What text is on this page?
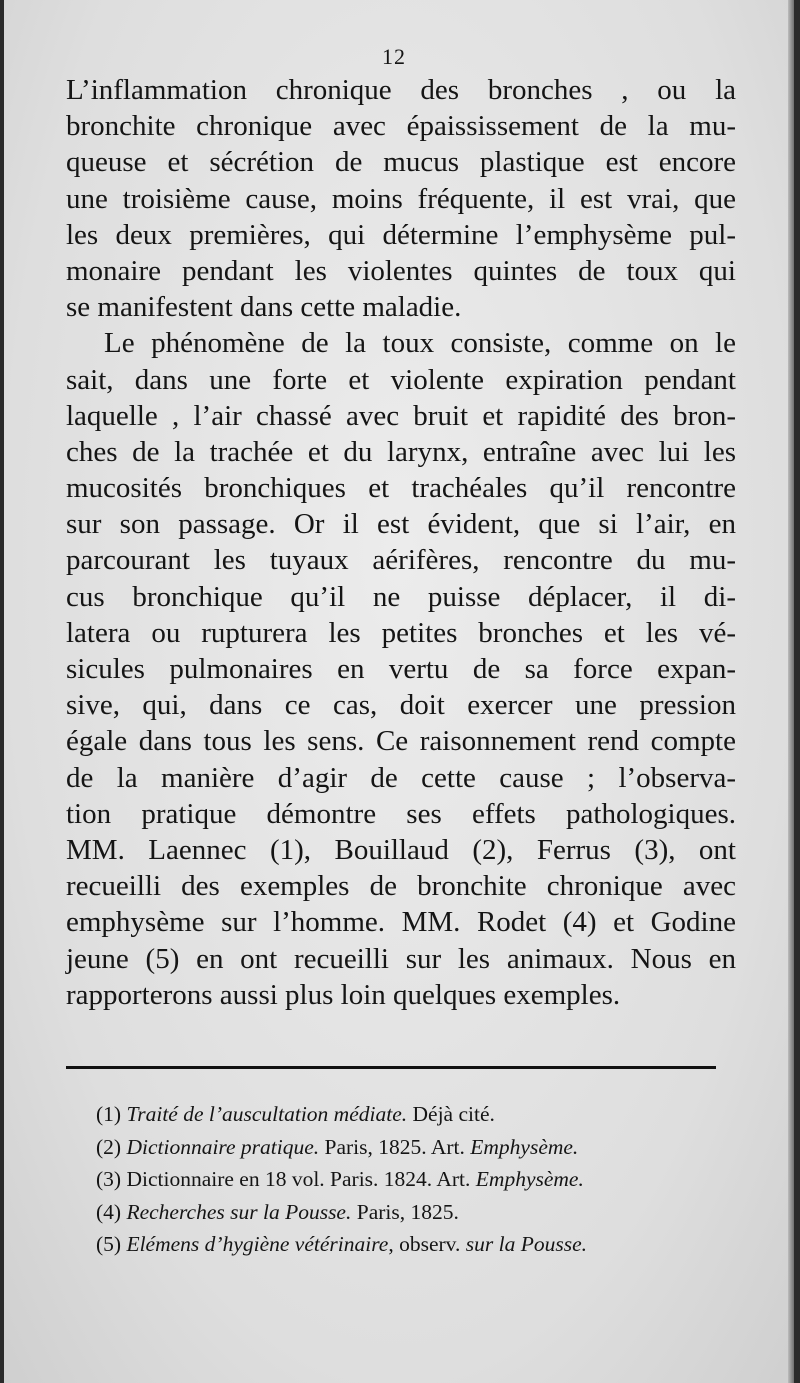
12
L’inflammation chronique des bronches , ou la
bronchite chronique avec épaississement de la mu-
queuse et sécrétion de mucus plastique est encore
une troisième cause, moins fréquente, il est vrai, que
les deux premières, qui détermine l’emphysème pul-
monaire pendant les violentes quintes de toux qui
se manifestent dans cette maladie.
Le phénomène de la toux consiste, comme on le
sait, dans une forte et violente expiration pendant
laquelle , l’air chassé avec bruit et rapidité des bron-
ches de la trachée et du larynx, entraîne avec lui les
mucosités bronchiques et trachéales qu’il rencontre
sur son passage. Or il est évident, que si l’air, en
parcourant les tuyaux aérifères, rencontre du mu-
cus bronchique qu’il ne puisse déplacer, il di-
latera ou rupturera les petites bronches et les vé-
sicules pulmonaires en vertu de sa force expan-
sive, qui, dans ce cas, doit exercer une pression
égale dans tous les sens. Ce raisonnement rend compte
de la manière d’agir de cette cause ; l’observa-
tion pratique démontre ses effets pathologiques.
MM. Laennec (1), Bouillaud (2), Ferrus (3), ont
recueilli des exemples de bronchite chronique avec
emphysème sur l’homme. MM. Rodet (4) et Godine
jeune (5) en ont recueilli sur les animaux. Nous en
rapporterons aussi plus loin quelques exemples.
(1) Traité de l’auscultation médiate. Déjà cité.
(2) Dictionnaire pratique. Paris, 1825. Art. Emphysème.
(3) Dictionnaire en 18 vol. Paris. 1824. Art. Emphysème.
(4) Recherches sur la Pousse. Paris, 1825.
(5) Elémens d’hygiène vétérinaire, observ. sur la Pousse.
